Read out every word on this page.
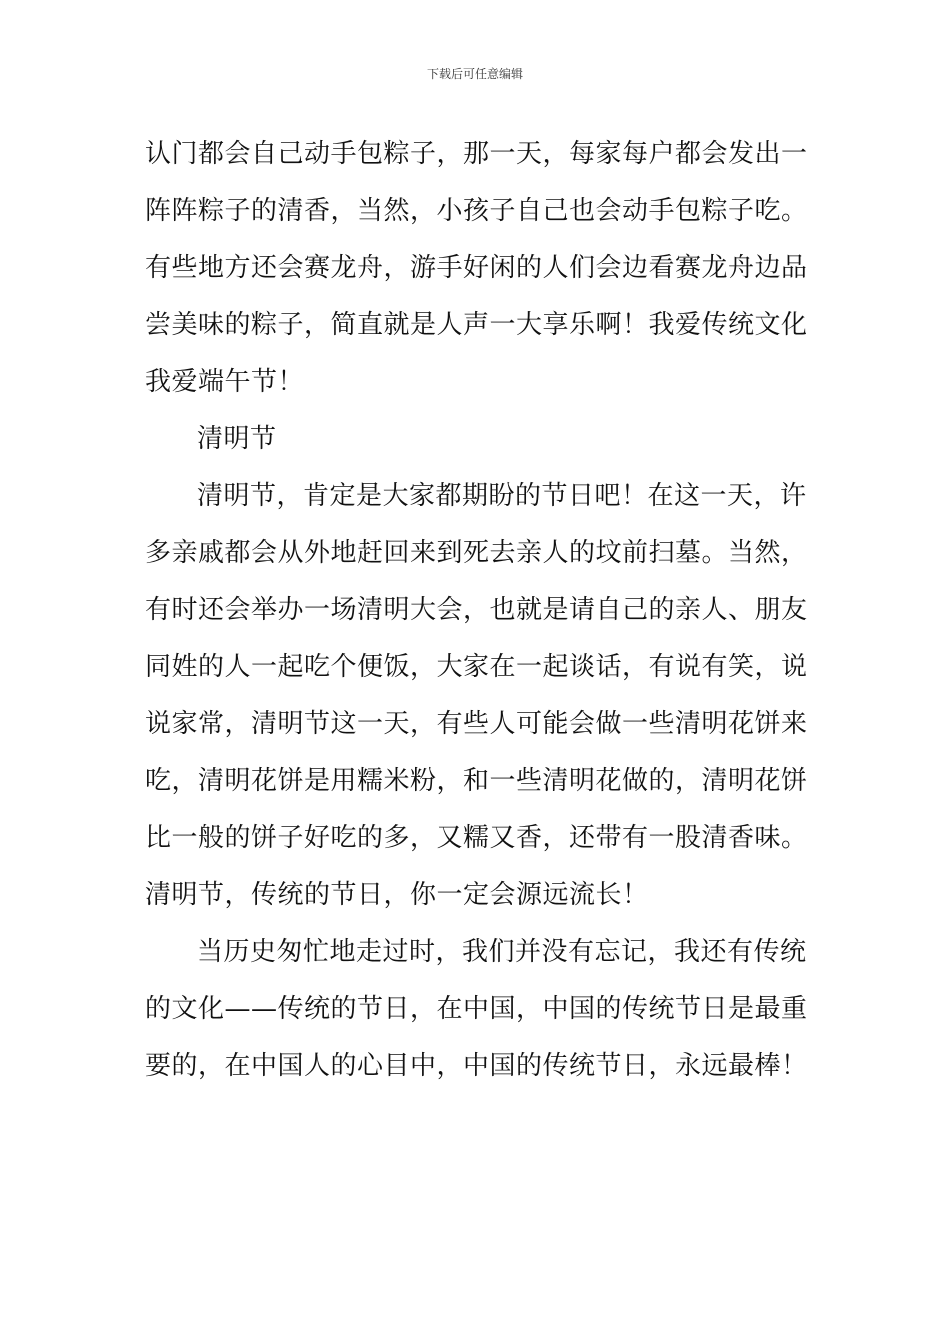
下载后可任意编辑
认门都会自己动手包粽子，那一天，每家每户都会发出一
阵阵粽子的清香，当然，小孩子自己也会动手包粽子吃。
有些地方还会赛龙舟，游手好闲的人们会边看赛龙舟边品
尝美味的粽子，简直就是人声一大享乐啊！我爱传统文化
我爱端午节！
清明节
清明节，肯定是大家都期盼的节日吧！在这一天，许
多亲戚都会从外地赶回来到死去亲人的坟前扫墓。当然，
有时还会举办一场清明大会，也就是请自己的亲人、朋友
同姓的人一起吃个便饭，大家在一起谈话，有说有笑，说
说家常，清明节这一天，有些人可能会做一些清明花饼来
吃，清明花饼是用糯米粉，和一些清明花做的，清明花饼
比一般的饼子好吃的多，又糯又香，还带有一股清香味。
清明节，传统的节日，你一定会源远流长！
当历史匆忙地走过时，我们并没有忘记，我还有传统
的文化——传统的节日，在中国，中国的传统节日是最重
要的，在中国人的心目中，中国的传统节日，永远最棒！
